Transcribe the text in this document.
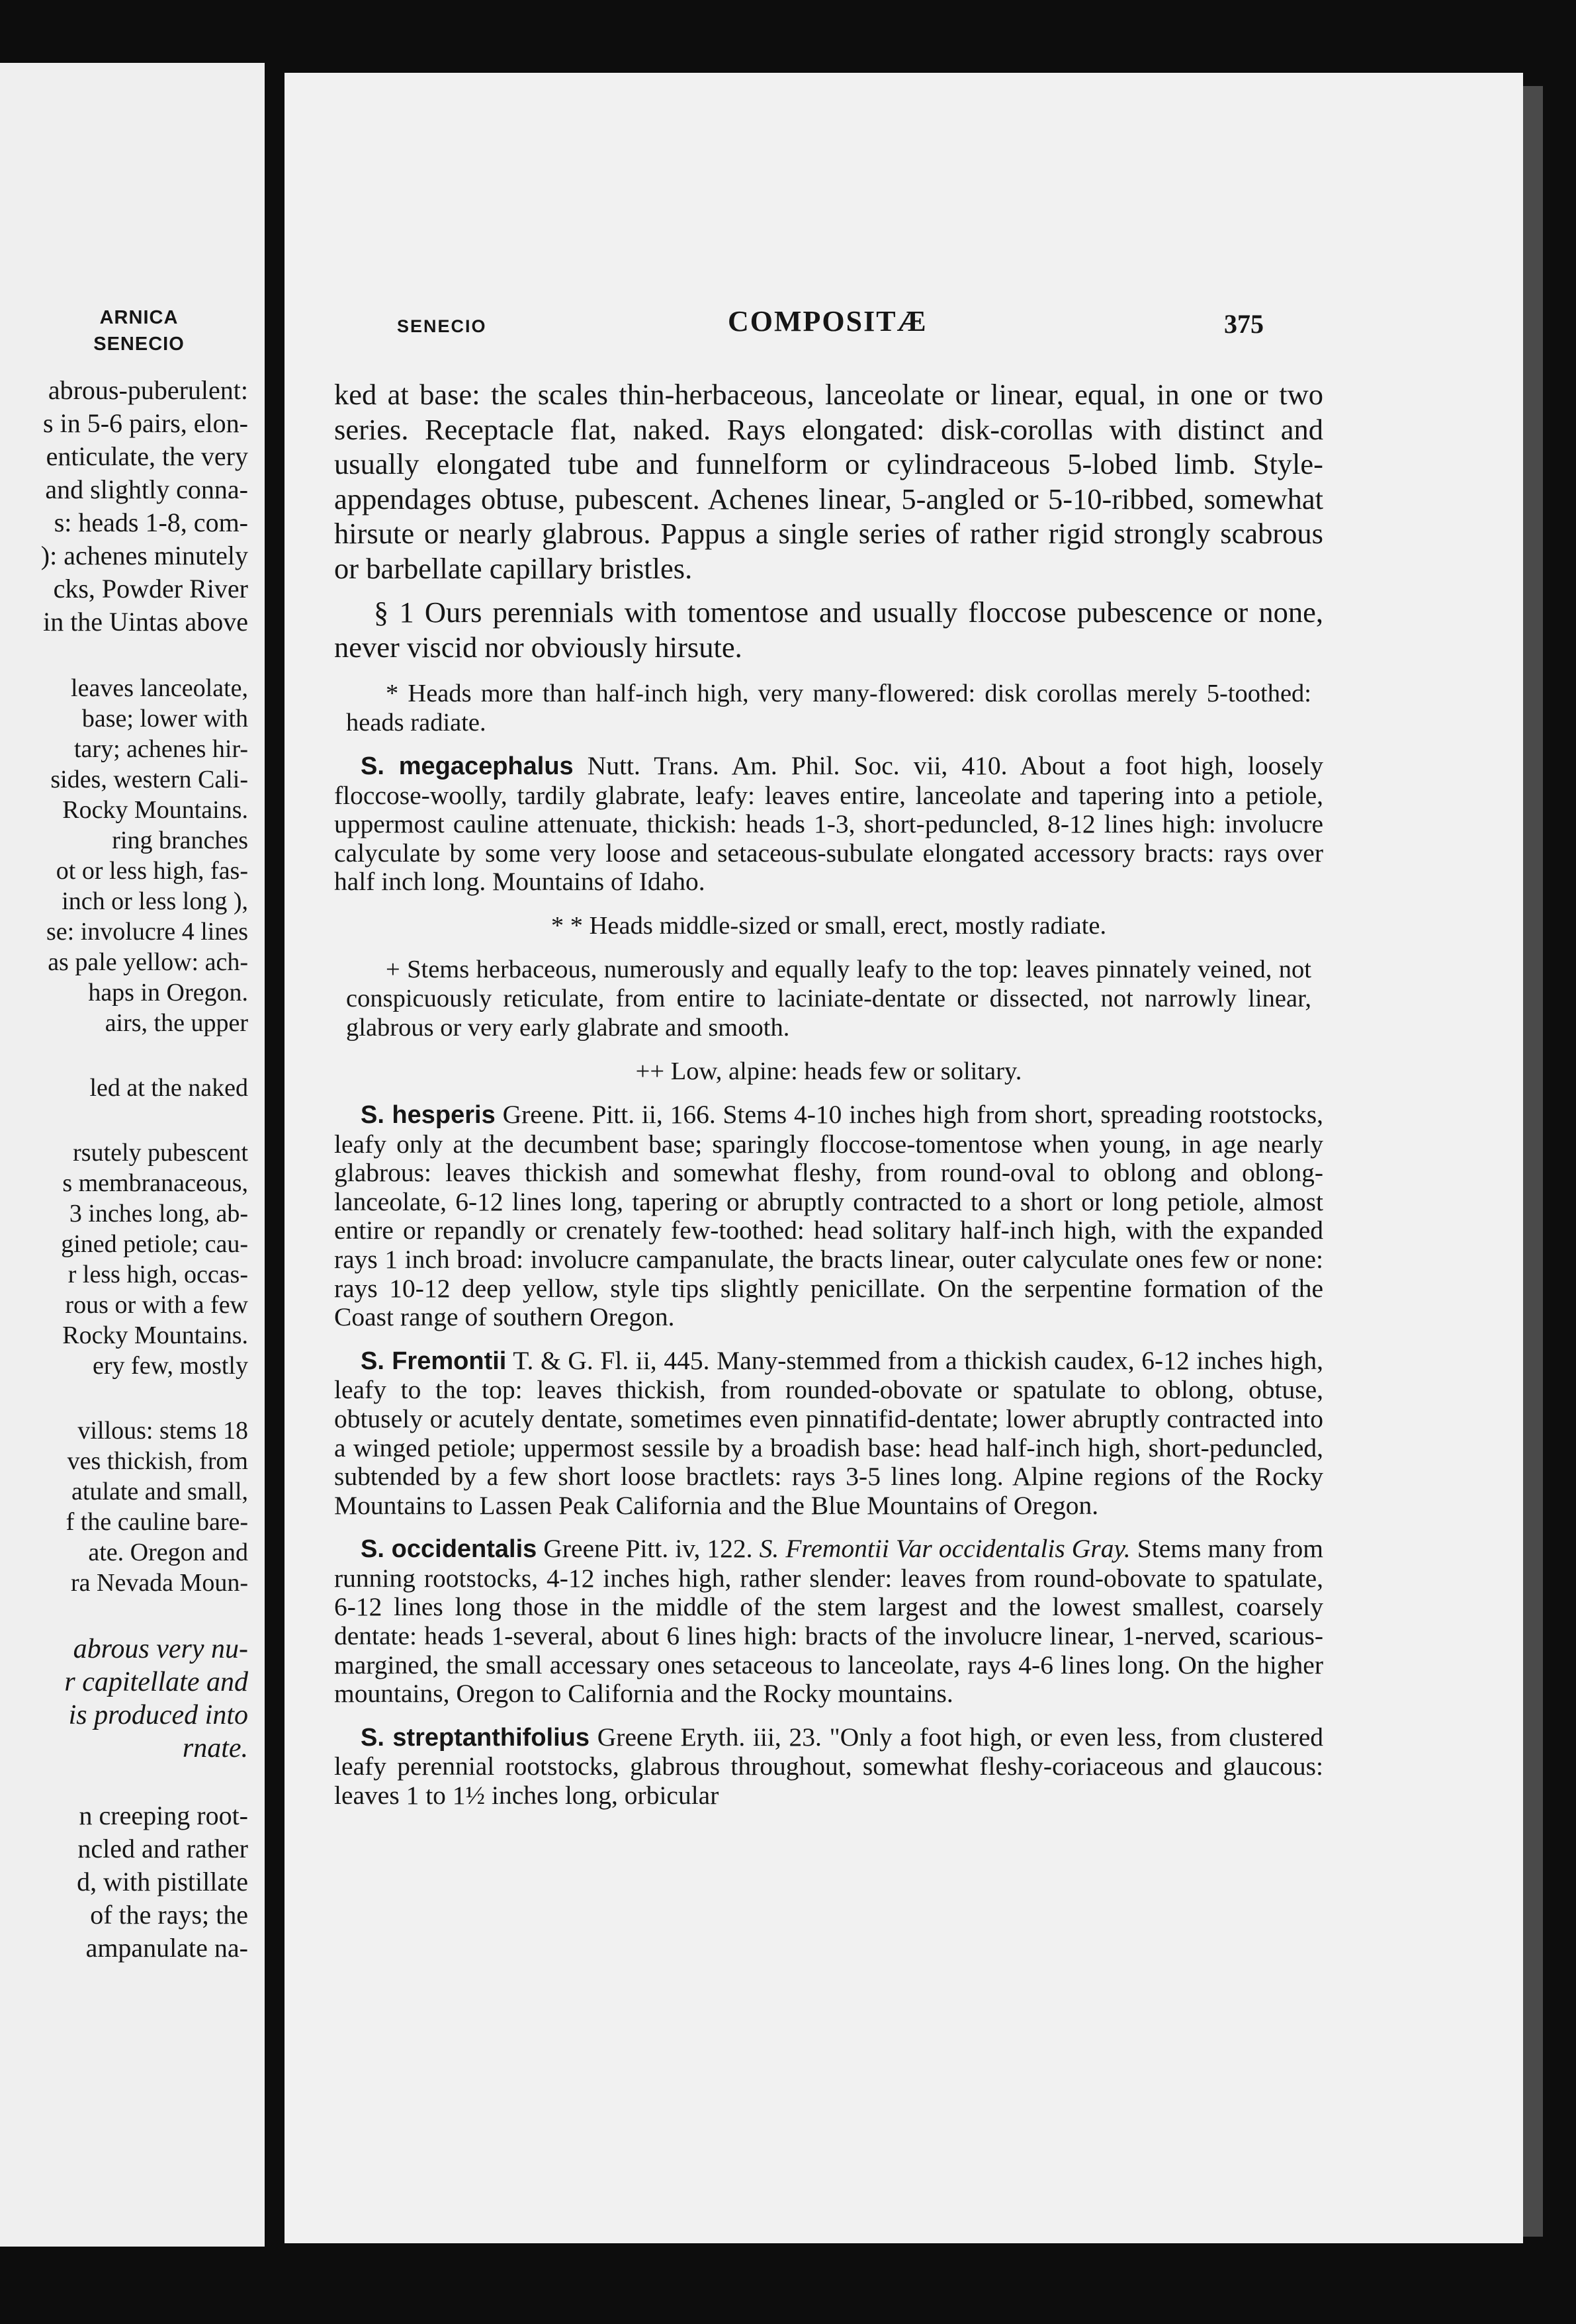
ARNICA
SENECIO
abrous-puberulent:
s in 5-6 pairs, elon-
enticulate, the very
and slightly conna-
s: heads 1-8, com-
): achenes minutely
cks, Powder River
in the Uintas above
leaves lanceolate,
base; lower with
tary; achenes hir-
sides, western Cali-
Rocky Mountains.
ring branches
ot or less high, fas-
inch or less long ),
se: involucre 4 lines
as pale yellow: ach-
haps in Oregon.
airs, the upper
led at the naked
rsutely pubescent
s membranaceous,
3 inches long, ab-
gined petiole; cau-
r less high, occas-
rous or with a few
Rocky Mountains.
ery few, mostly
villous: stems 18
ves thickish, from
atulate and small,
f the cauline bare-
ate. Oregon and
ra Nevada Moun-
abrous very nu-
r capitellate and
is produced into
rnate.
n creeping root-
ncled and rather
d, with pistillate
of the rays; the
ampanulate na-
SENECIO	COMPOSITÆ	375

ked at base: the scales thin-herbaceous, lanceolate or linear, equal, in one or two series. Receptacle flat, naked. Rays elongated: disk-corollas with distinct and usually elongated tube and funnelform or cylindraceous 5-lobed limb. Style-appendages obtuse, pubescent. Achenes linear, 5-angled or 5-10-ribbed, somewhat hirsute or nearly glabrous. Pappus a single series of rather rigid strongly scabrous or barbellate capillary bristles.

§ 1 Ours perennials with tomentose and usually floccose pubescence or none, never viscid nor obviously hirsute.

* Heads more than half-inch high, very many-flowered: disk corollas merely 5-toothed: heads radiate.

S. megacephalus Nutt. Trans. Am. Phil. Soc. vii, 410. About a foot high, loosely floccose-woolly, tardily glabrate, leafy: leaves entire, lanceolate and tapering into a petiole, uppermost cauline attenuate, thickish: heads 1-3, short-peduncled, 8-12 lines high: involucre calyculate by some very loose and setaceous-subulate elongated accessory bracts: rays over half inch long. Mountains of Idaho.

* * Heads middle-sized or small, erect, mostly radiate.

+ Stems herbaceous, numerously and equally leafy to the top: leaves pinnately veined, not conspicuously reticulate, from entire to laciniate-dentate or dissected, not narrowly linear, glabrous or very early glabrate and smooth.

++ Low, alpine: heads few or solitary.

S. hesperis Greene. Pitt. ii, 166. Stems 4-10 inches high from short, spreading rootstocks, leafy only at the decumbent base; sparingly floccose-tomentose when young, in age nearly glabrous: leaves thickish and somewhat fleshy, from round-oval to oblong and oblong-lanceolate, 6-12 lines long, tapering or abruptly contracted to a short or long petiole, almost entire or repandly or crenately few-toothed: head solitary half-inch high, with the expanded rays 1 inch broad: involucre campanulate, the bracts linear, outer calyculate ones few or none: rays 10-12 deep yellow, style tips slightly penicillate. On the serpentine formation of the Coast range of southern Oregon.

S. Fremontii T. & G. Fl. ii, 445. Many-stemmed from a thickish caudex, 6-12 inches high, leafy to the top: leaves thickish, from rounded-obovate or spatulate to oblong, obtuse, obtusely or acutely dentate, sometimes even pinnatifid-dentate; lower abruptly contracted into a winged petiole; uppermost sessile by a broadish base: head half-inch high, short-peduncled, subtended by a few short loose bractlets: rays 3-5 lines long. Alpine regions of the Rocky Mountains to Lassen Peak California and the Blue Mountains of Oregon.

S. occidentalis Greene Pitt. iv, 122. S. Fremontii Var occidentalis Gray. Stems many from running rootstocks, 4-12 inches high, rather slender: leaves from round-obovate to spatulate, 6-12 lines long those in the middle of the stem largest and the lowest smallest, coarsely dentate: heads 1-several, about 6 lines high: bracts of the involucre linear, 1-nerved, scarious-margined, the small accessary ones setaceous to lanceolate, rays 4-6 lines long. On the higher mountains, Oregon to California and the Rocky mountains.

S. streptanthifolius Greene Eryth. iii, 23. "Only a foot high, or even less, from clustered leafy perennial rootstocks, glabrous throughout, somewhat fleshy-coriaceous and glaucous: leaves 1 to 1½ inches long, orbicular
